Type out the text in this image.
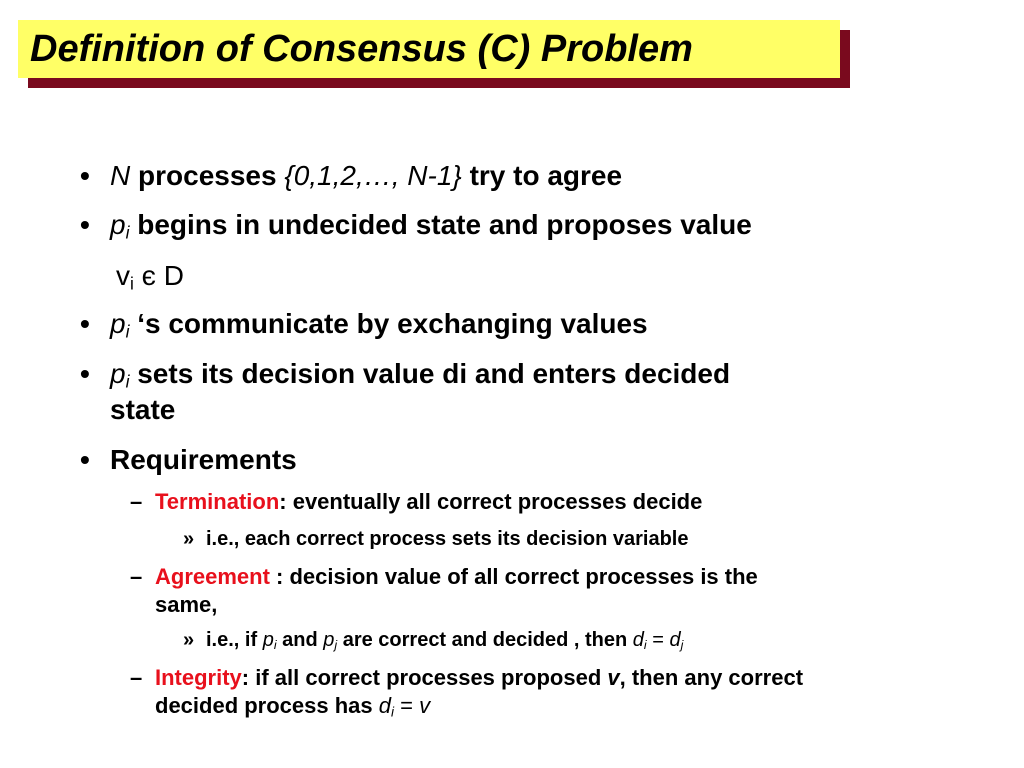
Definition of Consensus (C) Problem
• N processes {0,1,2,…, N-1} try to agree
• $p_i$ begins in undecided state and proposes value
$v_i$ є D
• $p_i$ ‘s communicate by exchanging values
• $p_i$ sets its decision value di and enters decided
state
• Requirements
– Termination: eventually all correct processes decide
» i.e., each correct process sets its decision variable
– Agreement : decision value of all correct processes is the
same,
» i.e., if $p_i$ and $p_j$ are correct and decided , then $d_i = d_j$
– Integrity: if all correct processes proposed v, then any correct
decided process has $d_i = v$
